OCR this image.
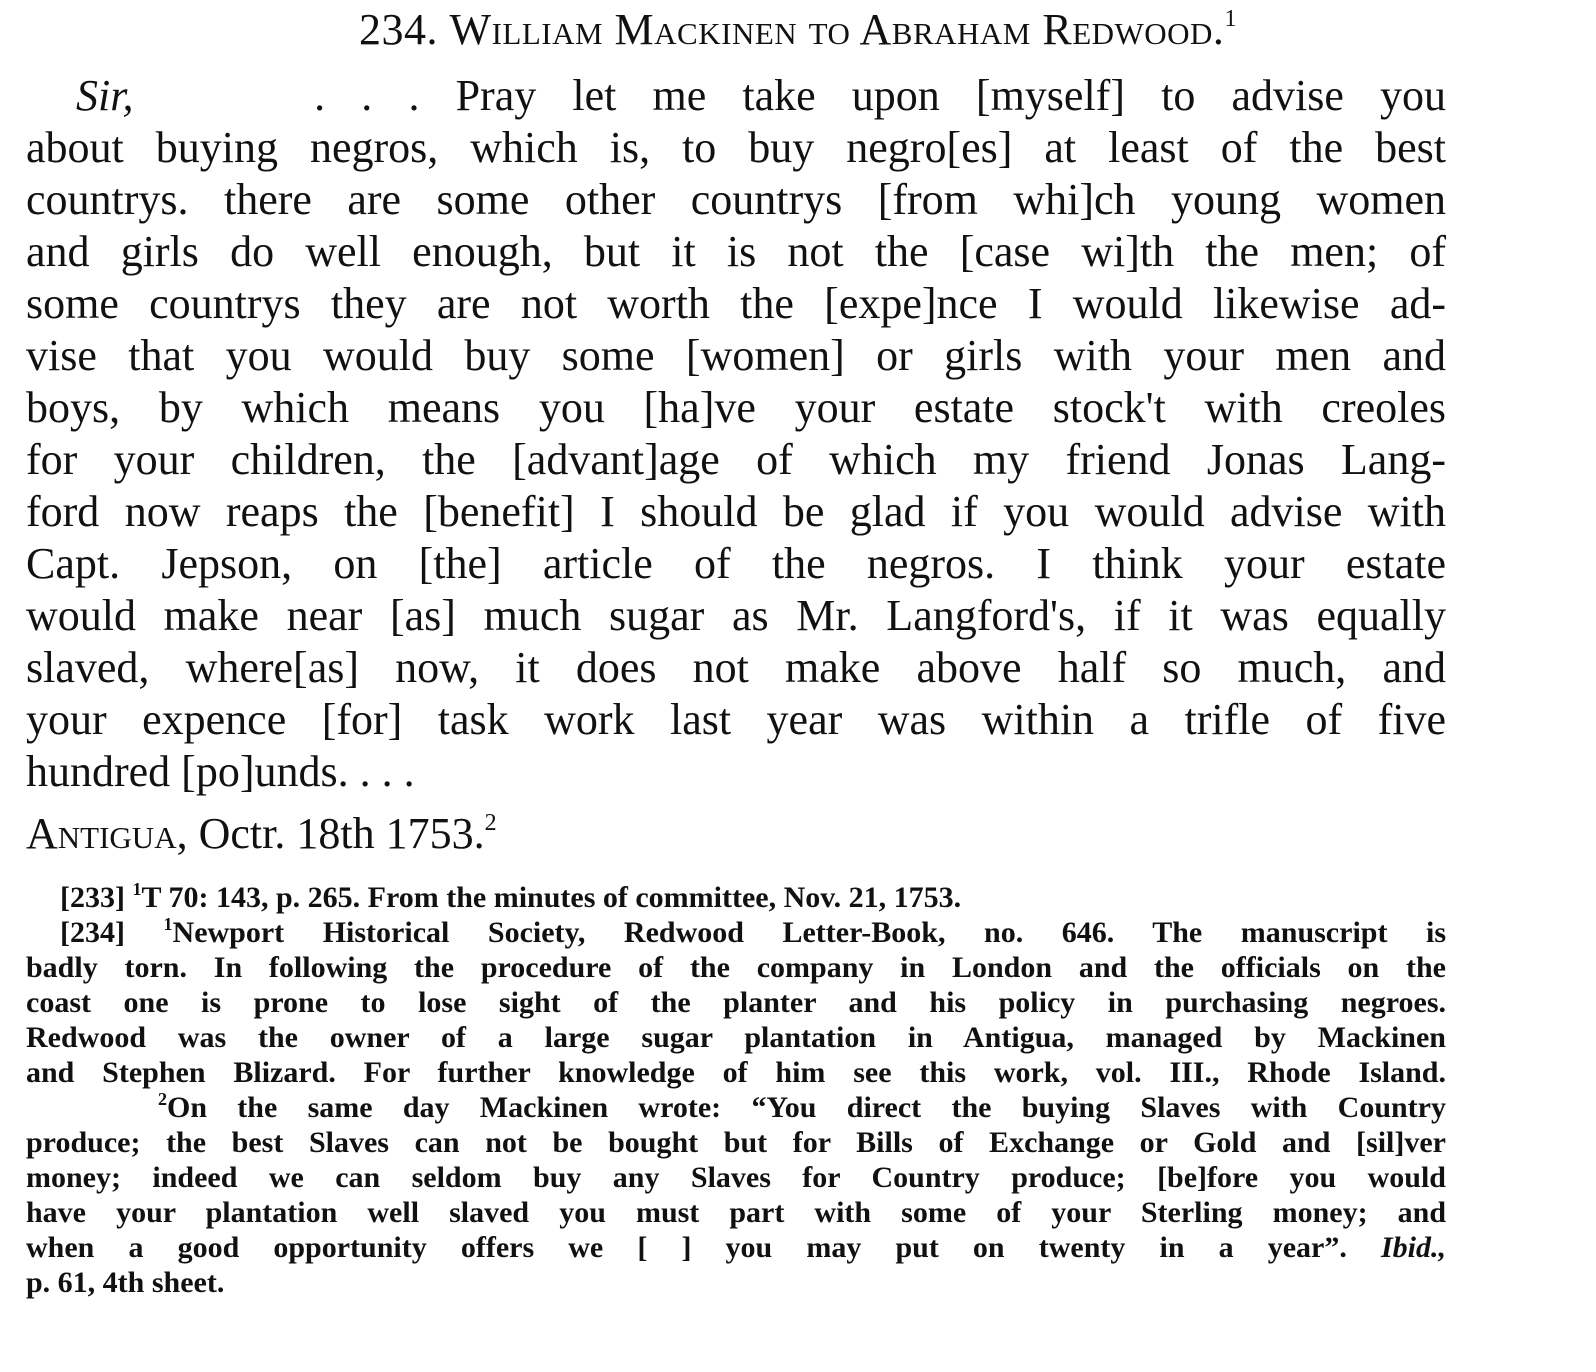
234. William Mackinen to Abraham Redwood.$^1$
Sir,	. . . Pray let me take upon [myself] to advise you
about buying negros, which is, to buy negro[es] at least of the best
countrys. there are some other countrys [from whi]ch young women
and girls do well enough, but it is not the [case wi]th the men; of
some countrys they are not worth the [expe]nce I would likewise ad-
vise that you would buy some [women] or girls with your men and
boys, by which means you [ha]ve your estate stock't with creoles
for your children, the [advant]age of which my friend Jonas Lang-
ford now reaps the [benefit] I should be glad if you would advise with
Capt. Jepson, on [the] article of the negros. I think your estate
would make near [as] much sugar as Mr. Langford's, if it was equally
slaved, where[as] now, it does not make above half so much, and
your expence [for] task work last year was within a trifle of five
hundred [po]unds. . . .
Antigua, Octr. 18th 1753.$^2$
[233] $^1$T 70: 143, p. 265. From the minutes of committee, Nov. 21, 1753.
[234] $^1$Newport Historical Society, Redwood Letter-Book, no. 646. The manuscript is
badly torn. In following the procedure of the company in London and the officials on the
coast one is prone to lose sight of the planter and his policy in purchasing negroes.
Redwood was the owner of a large sugar plantation in Antigua, managed by Mackinen
and Stephen Blizard. For further knowledge of him see this work, vol. III., Rhode Island.
$^2$On the same day Mackinen wrote: “You direct the buying Slaves with Country
produce; the best Slaves can not be bought but for Bills of Exchange or Gold and [sil]ver
money; indeed we can seldom buy any Slaves for Country produce; [be]fore you would
have your plantation well slaved you must part with some of your Sterling money; and
when a good opportunity offers we [ ] you may put on twenty in a year”. Ibid.,
p. 61, 4th sheet.
